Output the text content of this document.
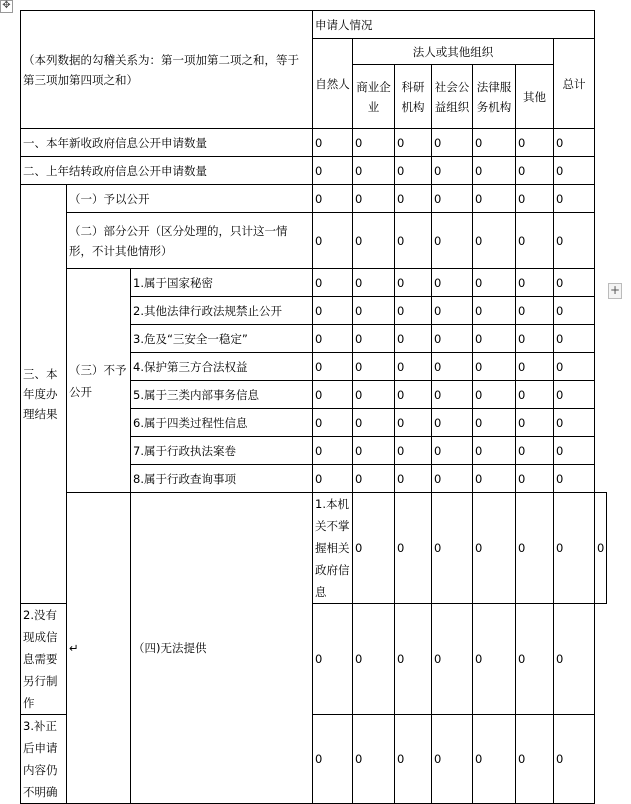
✥
+
（本列数据的勾稽关系为：第一项加第二项之和，等于第三项加第四项之和）			申请人情况							
			自然人	法人或其他组织					总计	
				商业企业	科研机构	社会公益组织	法律服务机构	其他		
一、本年新收政府信息公开申请数量			0	0	0	0	0	0	0	
二、上年结转政府信息公开申请数量			0	0	0	0	0	0	0	
三、本年度办理结果	（一）予以公开		0	0	0	0	0	0	0	
	（二）部分公开（区分处理的，只计这一情形，不计其他情形）		0	0	0	0	0	0	0	
	（三）不予公开	1.属于国家秘密	0	0	0	0	0	0	0	
		2.其他法律行政法规禁止公开	0	0	0	0	0	0	0	
		3.危及“三安全一稳定”	0	0	0	0	0	0	0	
		4.保护第三方合法权益	0	0	0	0	0	0	0	
		5.属于三类内部事务信息	0	0	0	0	0	0	0	
		6.属于四类过程性信息	0	0	0	0	0	0	0	
		7.属于行政执法案卷	0	0	0	0	0	0	0	
		8.属于行政查询事项	0	0	0	0	0	0	0	
	↵	（四)无法提供	1.本机关不掌握相关政府信息	0	0	0	0	0	0	0
2.没有现成信息需要另行制作			0	0	0	0	0	0	0	
3.补正后申请内容仍不明确			0	0	0	0	0	0	0	
